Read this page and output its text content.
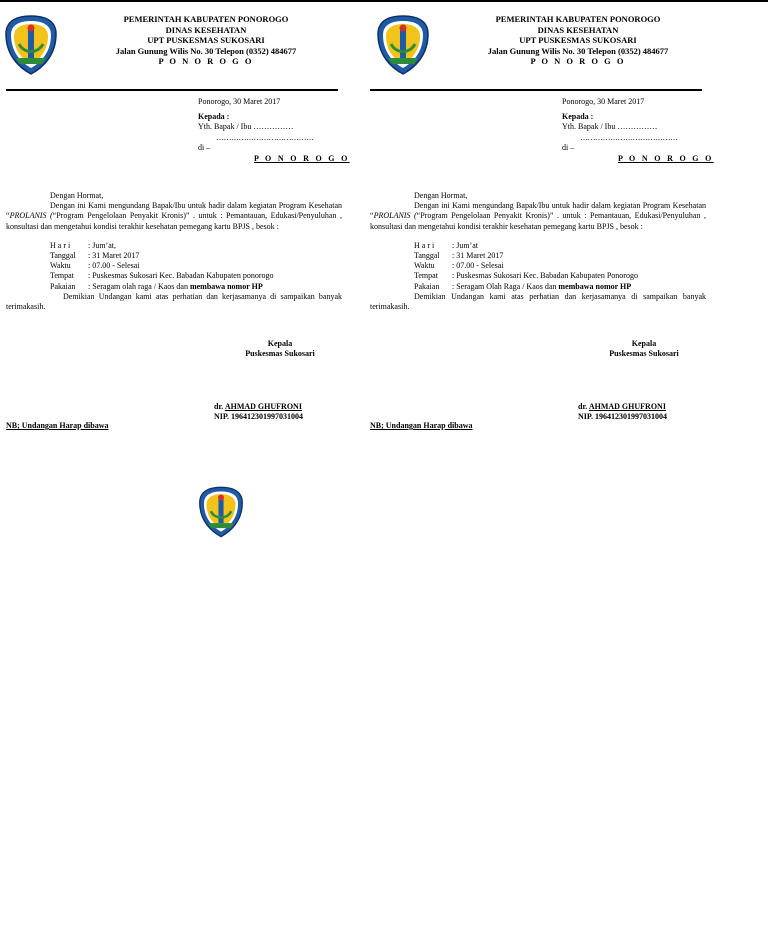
PEMERINTAH KABUPATEN PONOROGO
DINAS KESEHATAN
UPT PUSKESMAS SUKOSARI
Jalan Gunung Wilis No. 30 Telepon (0352) 484677
P O N O R O G O
Ponorogo, 30 Maret 2017
Kepada :
Yth. Bapak / Ibu ……………
…………………………………
di –
P O N O R O G O

Dengan Hormat,

Dengan ini Kami mengundang Bapak/Ibu untuk hadir dalam kegiatan Program Kesehatan “PROLANIS (“Program Pengelolaan Penyakit Kronis)” . untuk : Pemantauan, Edukasi/Penyuluhan , konsultasi dan mengetahui kondisi terakhir kesehatan pemegang kartu BPJS , besok :

H a r i : Jum’at,
Tanggal : 31 Maret 2017
Waktu : 07.00 - Selesai
Tempat : Puskesmas Sukosari Kec. Babadan Kabupaten ponorogo
Pakaian : Seragam olah raga / Kaos dan membawa nomor HP

Demikian Undangan kami atas perhatian dan kerjasamanya di sampaikan banyak terimakasih.

Kepala
Puskesmas Sukosari
dr. AHMAD GHUFRONI
NIP. 196412301997031004
NB; Undangan Harap dibawa
PEMERINTAH KABUPATEN PONOROGO
DINAS KESEHATAN
UPT PUSKESMAS SUKOSARI
Jalan Gunung Wilis No. 30 Telepon (0352) 484677
P O N O R O G O
Ponorogo, 30 Maret 2017
Kepada :
Yth. Bapak / Ibu ……………
…………………………………
di –
P O N O R O G O

Dengan Hormat,

Dengan ini Kami mengundang Bapak/Ibu untuk hadir dalam kegiatan Program Kesehatan “PROLANIS (“Program Pengelolaan Penyakit Kronis)” . untuk : Pemantauan, Edukasi/Penyuluhan , konsultasi dan mengetahui kondisi terakhir kesehatan pemegang kartu BPJS , besok :

H a r i : Jum’at
Tanggal : 31 Maret 2017
Waktu : 07.00 - Selesai
Tempat : Puskesmas Sukosari Kec. Babadan Kabupaten Ponorogo
Pakaian : Seragam Olah Raga / Kaos dan membawa nomor HP

Demikian Undangan kami atas perhatian dan kerjasamanya di sampaikan banyak terimakasih.

Kepala
Puskesmas Sukosari
dr. AHMAD GHUFRONI
NIP. 196412301997031004
NB; Undangan Harap dibawa
